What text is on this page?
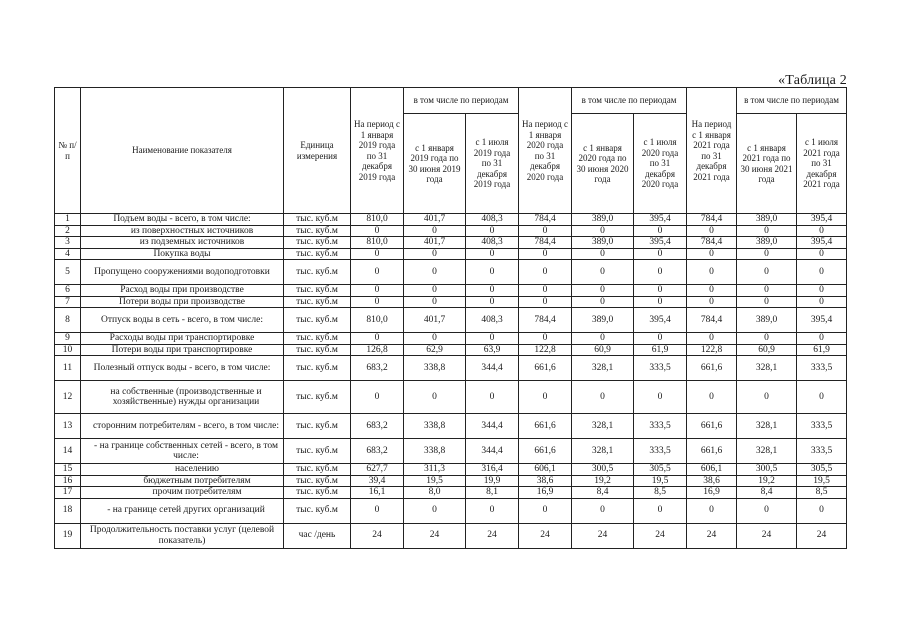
«Таблица 2
№ п/п	Наименование показателя	Единица измерения	На период с 1 января 2019 года по 31 декабря 2019 года	в том числе по периодам		На период с 1 января 2020 года по 31 декабря 2020 года	в том числе по периодам		На период с 1 января 2021 года по 31 декабря 2021 года	в том числе по периодам	
				с 1 января 2019 года по 30 июня 2019 года	с 1 июля 2019 года по 31 декабря 2019 года		с 1 января 2020 года по 30 июня 2020 года	с 1 июля 2020 года по 31 декабря 2020 года		с 1 января 2021 года по 30 июня 2021 года	с 1 июля 2021 года по 31 декабря 2021 года
1	Подъем воды - всего, в том числе:	тыс. куб.м	810,0	401,7	408,3	784,4	389,0	395,4	784,4	389,0	395,4
2	из поверхностных источников	тыс. куб.м	0	0	0	0	0	0	0	0	0
3	из подземных источников	тыс. куб.м	810,0	401,7	408,3	784,4	389,0	395,4	784,4	389,0	395,4
4	Покупка воды	тыс. куб.м	0	0	0	0	0	0	0	0	0
5	Пропущено сооружениями водоподготовки	тыс. куб.м	0	0	0	0	0	0	0	0	0
6	Расход воды при производстве	тыс. куб.м	0	0	0	0	0	0	0	0	0
7	Потери воды при производстве	тыс. куб.м	0	0	0	0	0	0	0	0	0
8	Отпуск воды в сеть - всего, в том числе:	тыс. куб.м	810,0	401,7	408,3	784,4	389,0	395,4	784,4	389,0	395,4
9	Расходы воды при транспортировке	тыс. куб.м	0	0	0	0	0	0	0	0	0
10	Потери воды при транспортировке	тыс. куб.м	126,8	62,9	63,9	122,8	60,9	61,9	122,8	60,9	61,9
11	Полезный отпуск воды - всего, в том числе:	тыс. куб.м	683,2	338,8	344,4	661,6	328,1	333,5	661,6	328,1	333,5
12	на собственные (производственные и хозяйственные) нужды организации	тыс. куб.м	0	0	0	0	0	0	0	0	0
13	сторонним потребителям - всего, в том числе:	тыс. куб.м	683,2	338,8	344,4	661,6	328,1	333,5	661,6	328,1	333,5
14	- на границе собственных сетей - всего, в том числе:	тыс. куб.м	683,2	338,8	344,4	661,6	328,1	333,5	661,6	328,1	333,5
15	населению	тыс. куб.м	627,7	311,3	316,4	606,1	300,5	305,5	606,1	300,5	305,5
16	бюджетным потребителям	тыс. куб.м	39,4	19,5	19,9	38,6	19,2	19,5	38,6	19,2	19,5
17	прочим потребителям	тыс. куб.м	16,1	8,0	8,1	16,9	8,4	8,5	16,9	8,4	8,5
18	- на границе сетей других организаций	тыс. куб.м	0	0	0	0	0	0	0	0	0
19	Продолжительность поставки услуг (целевой показатель)	час /день	24	24	24	24	24	24	24	24	24
